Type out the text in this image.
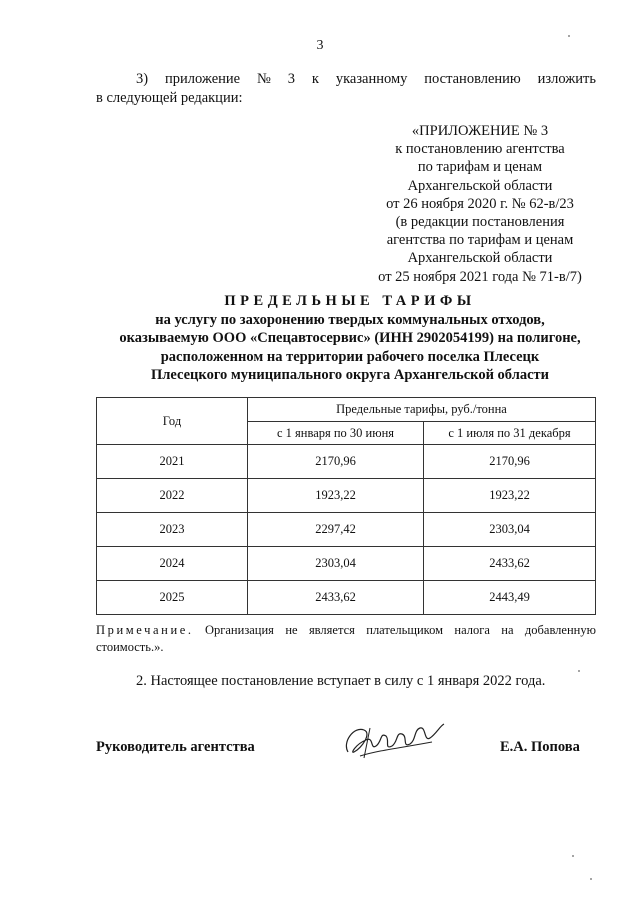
3
3) приложение № 3 к указанному постановлению изложить
в следующей редакции:
«ПРИЛОЖЕНИЕ № 3
к постановлению агентства
по тарифам и ценам
Архангельской области
от 26 ноября 2020 г. № 62-в/23
(в редакции постановления
агентства по тарифам и ценам
Архангельской области
от 25 ноября 2021 года № 71-в/7)
ПРЕДЕЛЬНЫЕ ТАРИФЫ
на услугу по захоронению твердых коммунальных отходов,
оказываемую ООО «Спецавтосервис» (ИНН 2902054199) на полигоне,
расположенном на территории рабочего поселка Плесецк
Плесецкого муниципального округа Архангельской области
Год	Предельные тарифы, руб./тонна	
	с 1 января по 30 июня	с 1 июля по 31 декабря
2021	2170,96	2170,96
2022	1923,22	1923,22
2023	2297,42	2303,04
2024	2303,04	2433,62
2025	2433,62	2443,49
Примечание. Организация не является плательщиком налога на добавленную
стоимость.».
2. Настоящее постановление вступает в силу с 1 января 2022 года.
Руководитель агентства	Е.А. Попова
